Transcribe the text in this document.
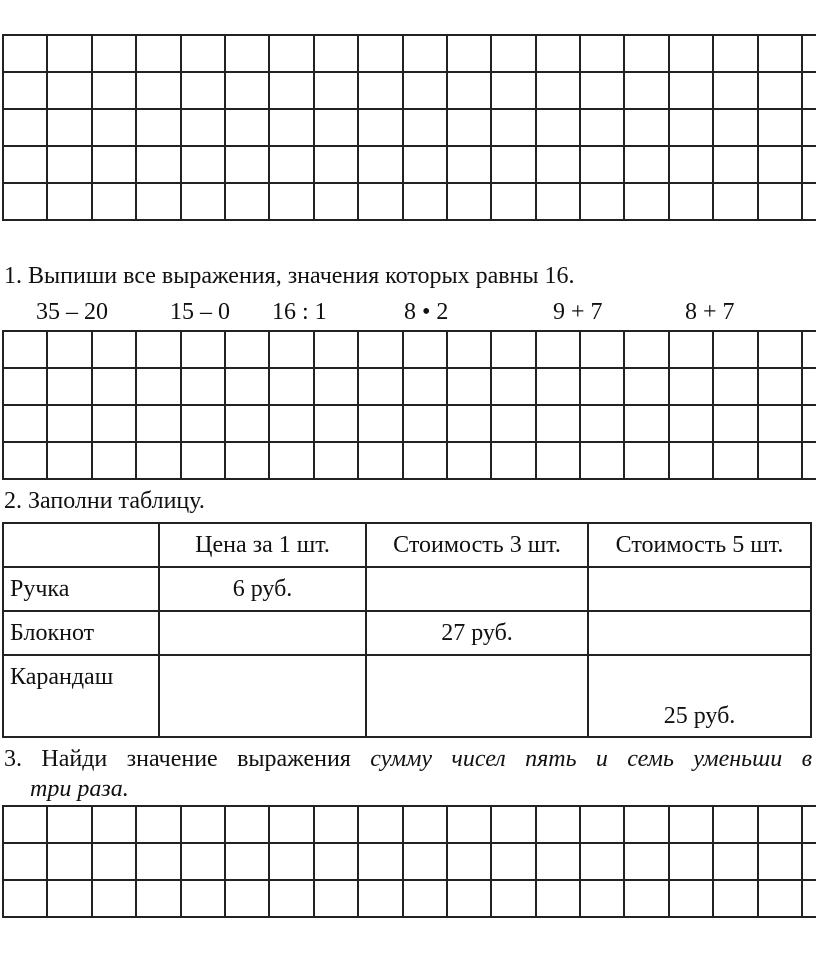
1. Выпиши все выражения, значения которых равны 16.
35 – 20	15 – 0 16 : 1	8 • 2	9 + 7	8 + 7

2. Заполни таблицу.
	Цена за 1 шт.	Стоимость 3 шт.	Стоимость 5 шт.
Ручка	6 руб.		
Блокнот		27 руб.	
Карандаш			25 руб.
3. Найди значение выражения сумму чисел пять и семь уменьши в
три раза.
